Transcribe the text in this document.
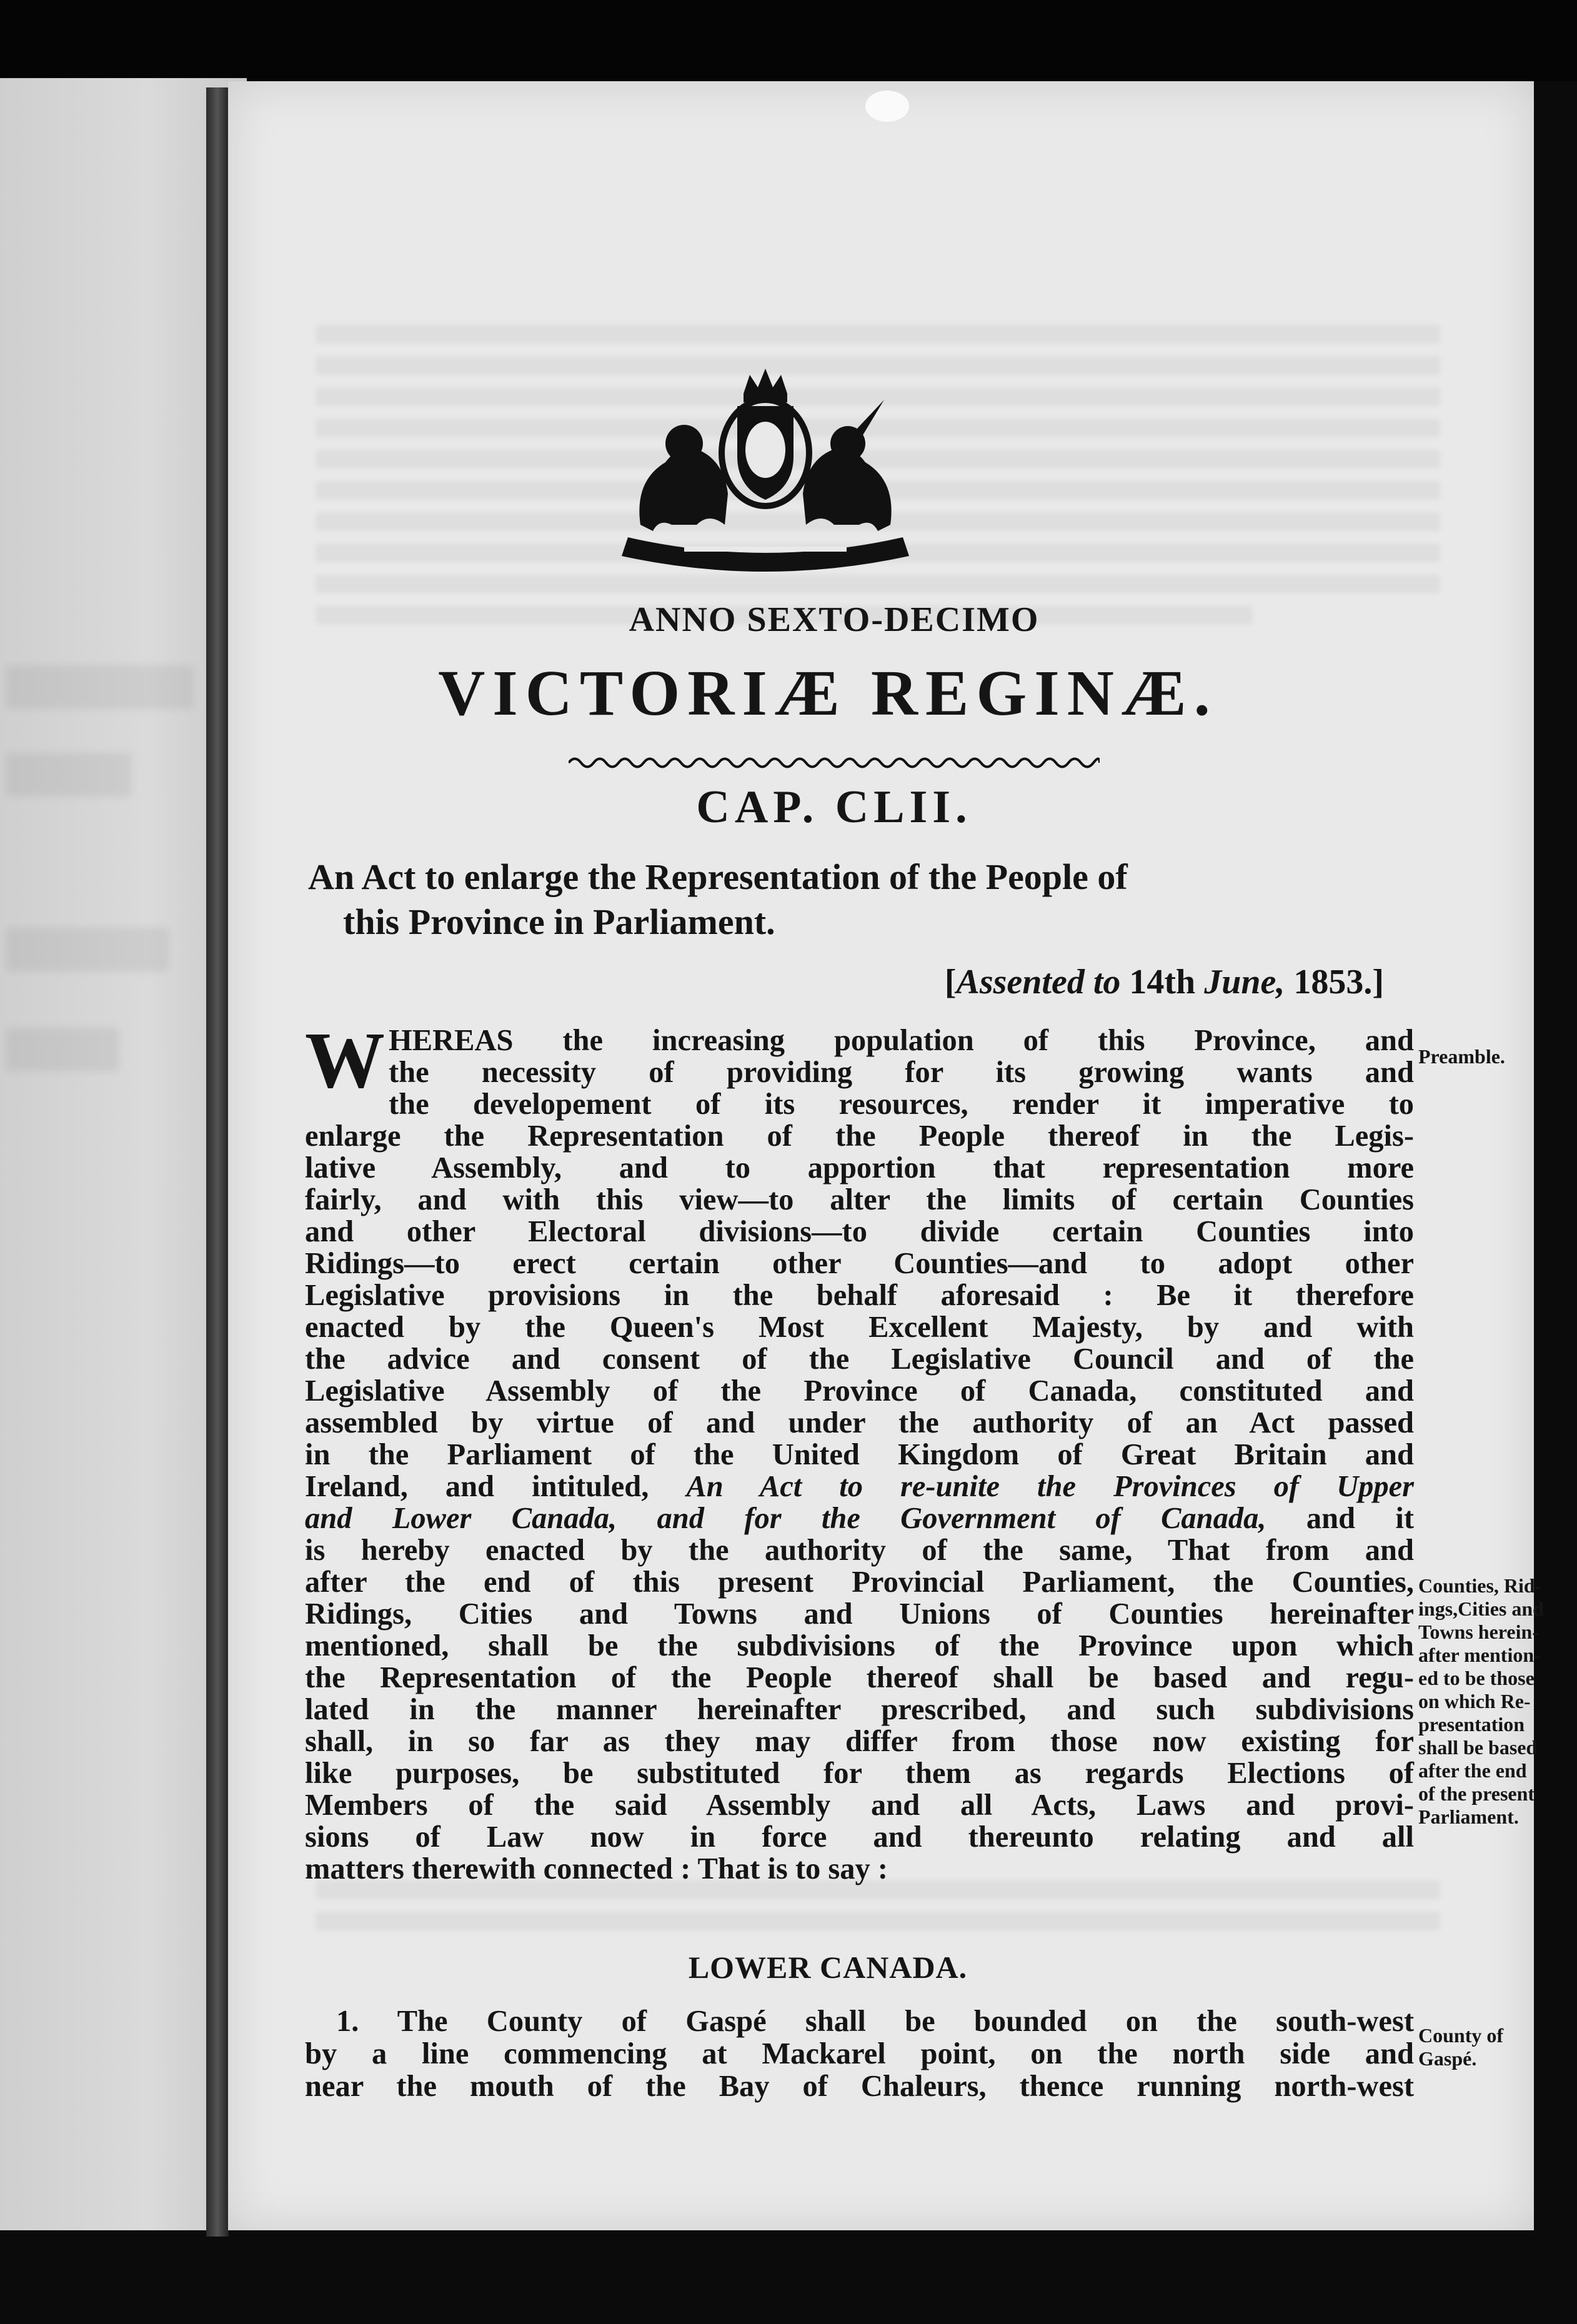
ANNO SEXTO-DECIMO
VICTORIÆ REGINÆ.
CAP. CLII.
An Act to enlarge the Representation of the People of
this Province in Parliament.
[Assented to 14th June, 1853.]
W HEREAS the increasing population of this Province, and
the necessity of providing for its growing wants and
the developement of its resources, render it imperative to
enlarge the Representation of the People thereof in the Legis-
lative Assembly, and to apportion that representation more
fairly, and with this view—to alter the limits of certain Counties
and other Electoral divisions—to divide certain Counties into
Ridings—to erect certain other Counties—and to adopt other
Legislative provisions in the behalf aforesaid : Be it therefore
enacted by the Queen's Most Excellent Majesty, by and with
the advice and consent of the Legislative Council and of the
Legislative Assembly of the Province of Canada, constituted and
assembled by virtue of and under the authority of an Act passed
in the Parliament of the United Kingdom of Great Britain and
Ireland, and intituled, An Act to re-unite the Provinces of Upper
and Lower Canada, and for the Government of Canada, and it
is hereby enacted by the authority of the same, That from and
after the end of this present Provincial Parliament, the Counties,
Ridings, Cities and Towns and Unions of Counties hereinafter
mentioned, shall be the subdivisions of the Province upon which
the Representation of the People thereof shall be based and regu-
lated in the manner hereinafter prescribed, and such subdivisions
shall, in so far as they may differ from those now existing for
like purposes, be substituted for them as regards Elections of
Members of the said Assembly and all Acts, Laws and provi-
sions of Law now in force and thereunto relating and all
matters therewith connected : That is to say :
LOWER CANADA.
1. The County of Gaspé shall be bounded on the south-west
by a line commencing at Mackarel point, on the north side and
near the mouth of the Bay of Chaleurs, thence running north-west
Preamble.
Counties, Rid-
ings,Cities and
Towns herein-
after mention-
ed to be those
on which Re-
presentation
shall be based
after the end
of the present
Parliament.
County of
Gaspé.
